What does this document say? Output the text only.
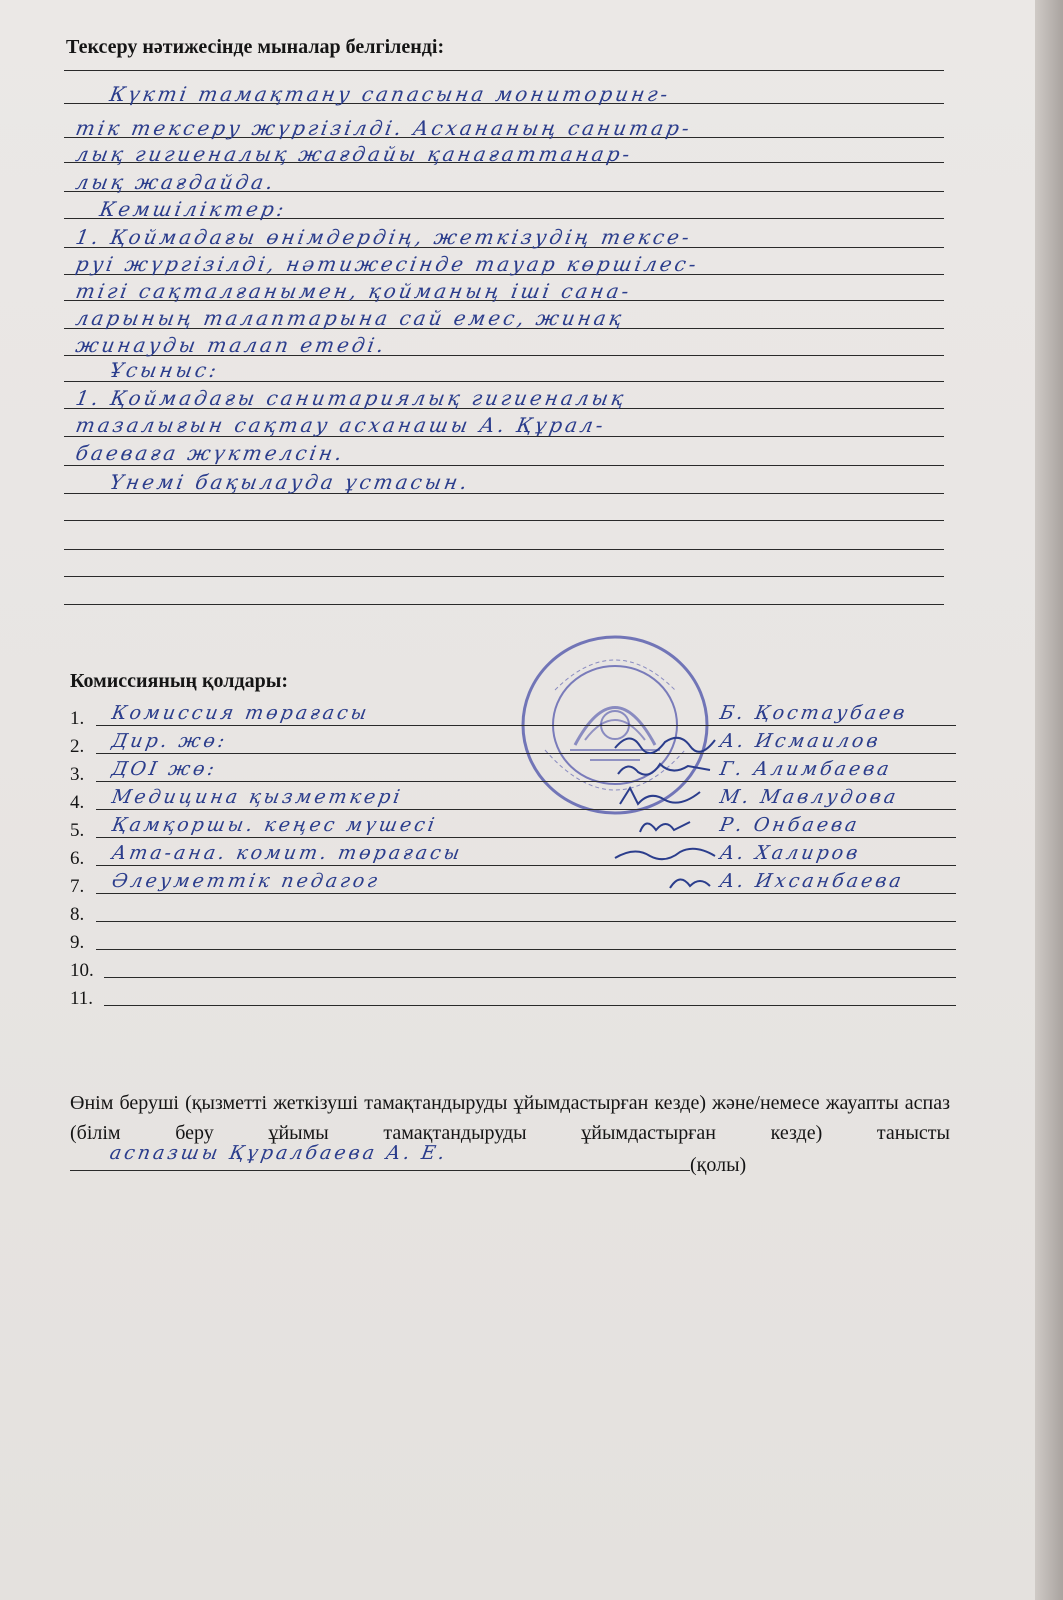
Тексеру нәтижесінде мыналар белгіленді:

Күкті тамақтану сапасына мониторинг-

тік тексеру жүргізілді. Асхананың санитар-

лық гигиеналық жағдайы қанағаттанар-

лық жағдайда.

Кемшіліктер:

1. Қоймадағы өнімдердің, жеткізудің тексе-

руі жүргізілді, нәтижесінде тауар көршілес-

тігі сақталғанымен, қойманың іші сана-

ларының талаптарына сай емес, жинақ

жинауды талап етеді.

Ұсыныс:

1. Қоймадағы санитариялық гигиеналық

тазалығын сақтау асханашы А. Құрал-

баеваға жүктелсін.

Үнемі бақылауда ұстасын.

Комиссияның қолдары:
1. Комиссия төрағасы	Б. Қостаубаев
2. Дир. жө:	А. Исмаилов
3. ДОІ жө:	Г. Алимбаева
4. Медицина қызметкері	М. Мавлудова
5. Қамқоршы. кеңес мүшесі	Р. Онбаева
6. Ата-ана. комит. төрағасы	А. Халиров
7. Әлеуметтік педагог	А. Ихсанбаева
8.
9.
10.
11.

Өнім беруші (қызметті жеткізуші тамақтандыруды ұйымдастырған кезде) және/немесе жауапты аспаз (білім беру ұйымы тамақтандыруды ұйымдастырған кезде) танысты
аспазшы Құралбаева А. Е.
(қолы)
